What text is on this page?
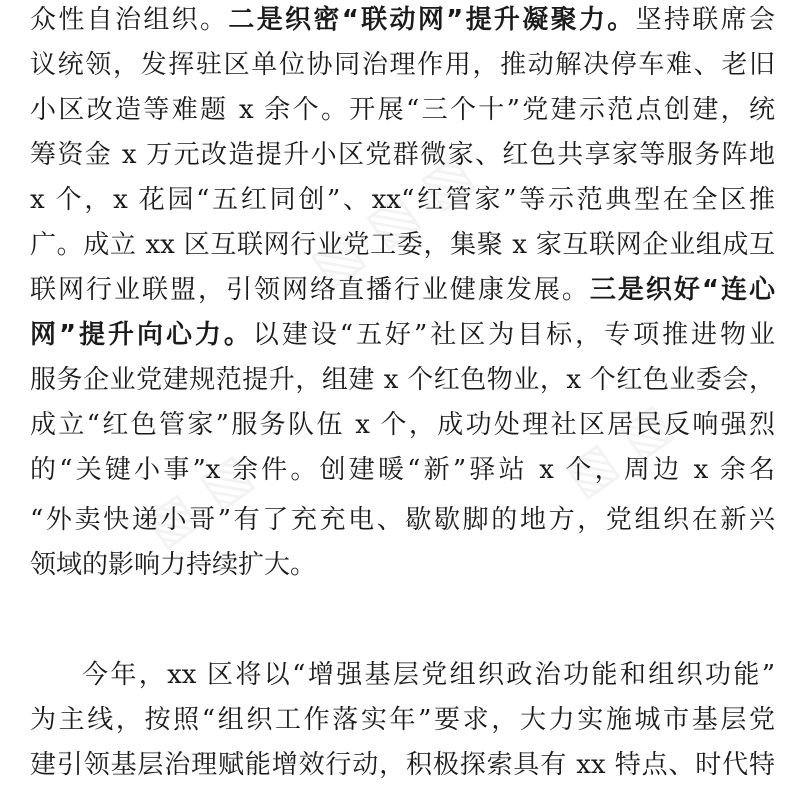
▧ ▧ ▧
▧ ▧
▧ ▧
众性自治组织。二是织密“联动网”提升凝聚力。坚持联席会
议统领，发挥驻区单位协同治理作用，推动解决停车难、老旧
小区改造等难题 x 余个。开展“三个十”党建示范点创建，统
筹资金 x 万元改造提升小区党群微家、红色共享家等服务阵地
x 个，x 花园“五红同创”、xx“红管家”等示范典型在全区推
广。成立 xx 区互联网行业党工委，集聚 x 家互联网企业组成互
联网行业联盟，引领网络直播行业健康发展。三是织好“连心
网”提升向心力。以建设“五好”社区为目标，专项推进物业
服务企业党建规范提升，组建 x 个红色物业，x 个红色业委会，
成立“红色管家”服务队伍 x 个，成功处理社区居民反响强烈
的“关键小事”x 余件。创建暖“新”驿站 x 个，周边 x 余名
“外卖快递小哥”有了充充电、歇歇脚的地方，党组织在新兴
领域的影响力持续扩大。
今年，xx 区将以“增强基层党组织政治功能和组织功能”
为主线，按照“组织工作落实年”要求，大力实施城市基层党
建引领基层治理赋能增效行动，积极探索具有 xx 特点、时代特
